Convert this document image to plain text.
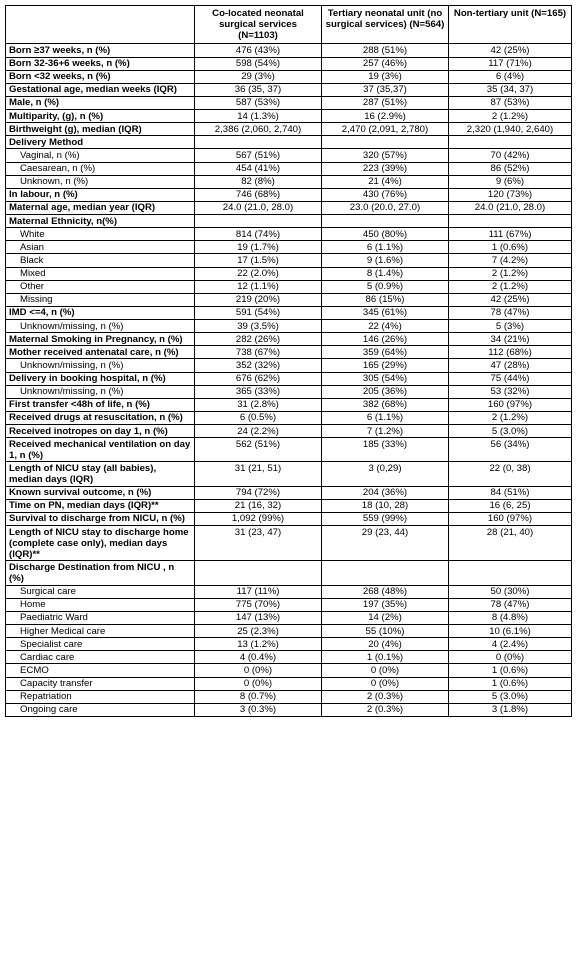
	Co-located neonatal surgical services (N=1103)	Tertiary neonatal unit (no surgical services) (N=564)	Non-tertiary unit (N=165)
Born ≥37 weeks, n (%)	476 (43%)	288 (51%)	42 (25%)
Born 32-36+6 weeks, n (%)	598 (54%)	257 (46%)	117 (71%)
Born <32 weeks, n (%)	29 (3%)	19 (3%)	6 (4%)
Gestational age, median weeks (IQR)	36 (35, 37)	37 (35,37)	35 (34, 37)
Male, n (%)	587 (53%)	287 (51%)	87 (53%)
Multiparity, (g), n (%)	14 (1.3%)	16 (2.9%)	2 (1.2%)
Birthweight (g), median (IQR)	2,386 (2,060, 2,740)	2,470 (2,091, 2,780)	2,320 (1,940, 2,640)
Delivery Method			
Vaginal, n (%)	567 (51%)	320 (57%)	70 (42%)
Caesarean, n (%)	454 (41%)	223 (39%)	86 (52%)
Unknown, n (%)	82 (8%)	21 (4%)	9 (6%)
In labour, n (%)	746 (68%)	430 (76%)	120 (73%)
Maternal age, median year (IQR)	24.0 (21.0, 28.0)	23.0 (20.0, 27.0)	24.0 (21.0, 28.0)
Maternal Ethnicity, n(%)			
White	814 (74%)	450 (80%)	111 (67%)
Asian	19 (1.7%)	6 (1.1%)	1 (0.6%)
Black	17 (1.5%)	9 (1.6%)	7 (4.2%)
Mixed	22 (2.0%)	8 (1.4%)	2 (1.2%)
Other	12 (1.1%)	5 (0.9%)	2 (1.2%)
Missing	219 (20%)	86 (15%)	42 (25%)
IMD <=4, n (%)	591 (54%)	345 (61%)	78 (47%)
Unknown/missing, n (%)	39 (3.5%)	22 (4%)	5 (3%)
Maternal Smoking in Pregnancy, n (%)	282 (26%)	146 (26%)	34 (21%)
Mother received antenatal care, n (%)	738 (67%)	359 (64%)	112 (68%)
Unknown/missing, n (%)	352 (32%)	165 (29%)	47 (28%)
Delivery in booking hospital, n (%)	676 (62%)	305 (54%)	75 (44%)
Unknown/missing, n (%)	365 (33%)	205 (36%)	53 (32%)
First transfer <48h of life, n (%)	31 (2.8%)	382 (68%)	160 (97%)
Received drugs at resuscitation, n (%)	6 (0.5%)	6 (1.1%)	2 (1.2%)
Received inotropes on day 1, n (%)	24 (2.2%)	7 (1.2%)	5 (3.0%)
Received mechanical ventilation on day 1, n (%)	562 (51%)	185 (33%)	56 (34%)
Length of NICU stay (all babies), median days (IQR)	31 (21, 51)	3 (0,29)	22 (0, 38)
Known survival outcome, n (%)	794 (72%)	204 (36%)	84 (51%)
Time on PN, median days (IQR)**	21 (16, 32)	18 (10, 28)	16 (6, 25)
Survival to discharge from NICU, n (%)	1,092 (99%)	559 (99%)	160 (97%)
Length of NICU stay to discharge home (complete case only), median days (IQR)**	31 (23, 47)	29 (23, 44)	28 (21, 40)
Discharge Destination from NICU , n (%)			
Surgical care	117 (11%)	268 (48%)	50 (30%)
Home	775 (70%)	197 (35%)	78 (47%)
Paediatric Ward	147 (13%)	14 (2%)	8 (4.8%)
Higher Medical care	25 (2.3%)	55 (10%)	10 (6.1%)
Specialist care	13 (1.2%)	20 (4%)	4 (2.4%)
Cardiac care	4 (0.4%)	1 (0.1%)	0 (0%)
ECMO	0 (0%)	0 (0%)	1 (0.6%)
Capacity transfer	0 (0%)	0 (0%)	1 (0.6%)
Repatriation	8 (0.7%)	2 (0.3%)	5 (3.0%)
Ongoing care	3 (0.3%)	2 (0.3%)	3 (1.8%)
